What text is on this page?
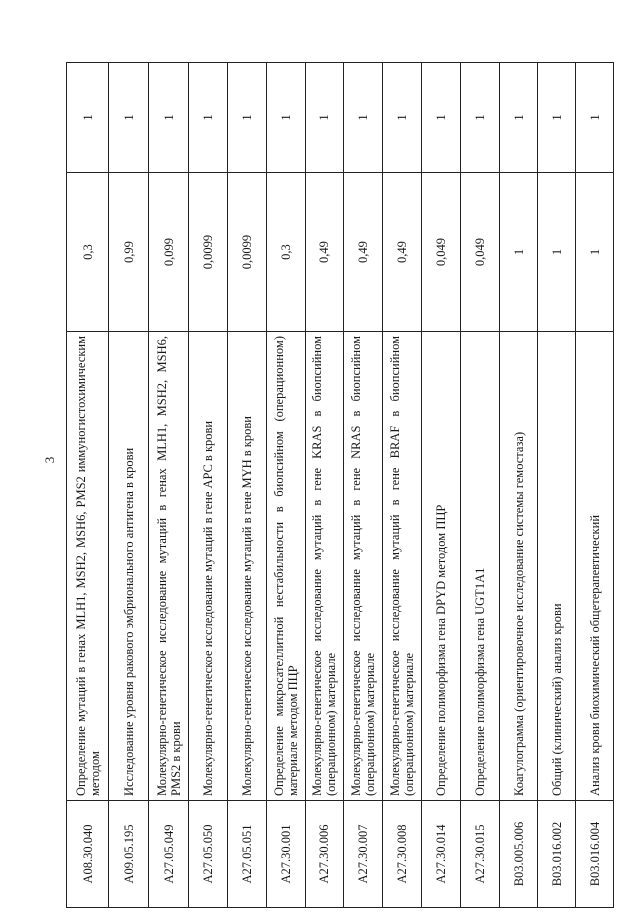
3
A08.30.040	Определение мутаций в генах MLH1, MSH2, MSH6, PMS2 иммуногистохимическим методом	0,3	1
A09.05.195	Исследование уровня ракового эмбрионального антигена в крови	0,99	1
A27.05.049	Молекулярно-генетическое исследование мутаций в генах MLH1, MSH2, MSH6, PMS2 в крови	0,099	1
A27.05.050	Молекулярно-генетическое исследование мутаций в гене APC в крови	0,0099	1
A27.05.051	Молекулярно-генетическое исследование мутаций в гене MYH в крови	0,0099	1
A27.30.001	Определение микросателлитной нестабильности в биопсийном (операционном) материале методом ПЦР	0,3	1
A27.30.006	Молекулярно-генетическое исследование мутаций в гене KRAS в биопсийном (операционном) материале	0,49	1
A27.30.007	Молекулярно-генетическое исследование мутаций в гене NRAS в биопсийном (операционном) материале	0,49	1
A27.30.008	Молекулярно-генетическое исследование мутаций в гене BRAF в биопсийном (операционном) материале	0,49	1
A27.30.014	Определение полиморфизма гена DPYD методом ПЦР	0,049	1
A27.30.015	Определение полиморфизма гена UGT1A1	0,049	1
B03.005.006	Коагулограмма (ориентировочное исследование системы гемостаза)	1	1
B03.016.002	Общий (клинический) анализ крови	1	1
B03.016.004	Анализ крови биохимический общетерапевтический	1	1
